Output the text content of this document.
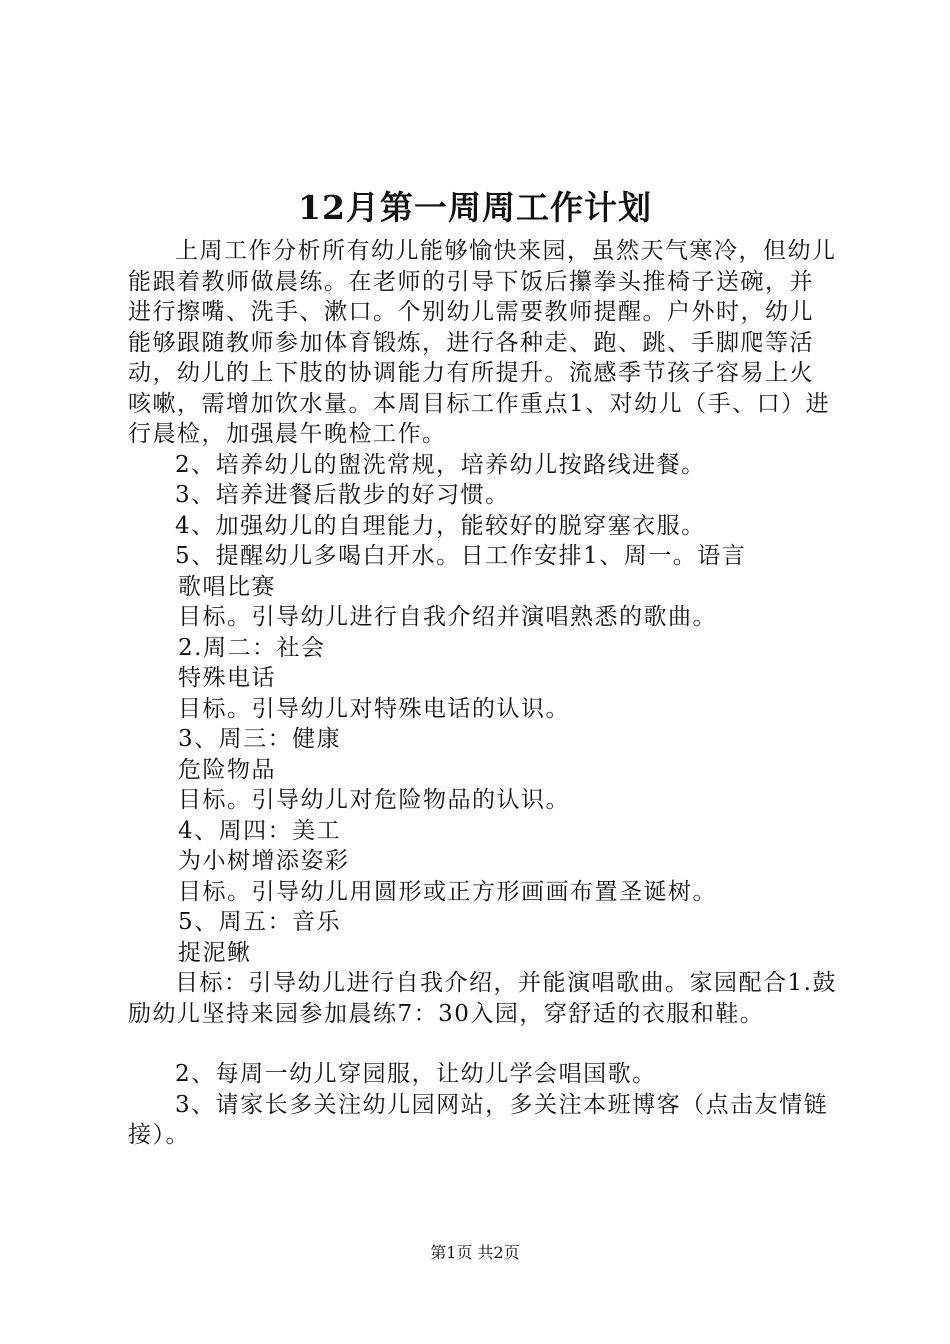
12月第一周周工作计划

上周工作分析所有幼儿能够愉快来园，虽然天气寒冷，但幼儿能跟着教师做晨练。在老师的引导下饭后攥拳头推椅子送碗，并进行擦嘴、洗手、漱口。个别幼儿需要教师提醒。户外时，幼儿能够跟随教师参加体育锻炼，进行各种走、跑、跳、手脚爬等活动，幼儿的上下肢的协调能力有所提升。流感季节孩子容易上火咳嗽，需增加饮水量。本周目标工作重点1、对幼儿（手、口）进行晨检，加强晨午晚检工作。

2、培养幼儿的盥洗常规，培养幼儿按路线进餐。

3、培养进餐后散步的好习惯。

4、加强幼儿的自理能力，能较好的脱穿塞衣服。

5、提醒幼儿多喝白开水。日工作安排1、周一。语言

歌唱比赛

目标。引导幼儿进行自我介绍并演唱熟悉的歌曲。

2.周二：社会

特殊电话

目标。引导幼儿对特殊电话的认识。

3、周三：健康

危险物品

目标。引导幼儿对危险物品的认识。

4、周四：美工

为小树增添姿彩

目标。引导幼儿用圆形或正方形画画布置圣诞树。

5、周五：音乐

捉泥鳅

目标：引导幼儿进行自我介绍，并能演唱歌曲。家园配合1.鼓励幼儿坚持来园参加晨练7：30入园，穿舒适的衣服和鞋。

2、每周一幼儿穿园服，让幼儿学会唱国歌。

3、请家长多关注幼儿园网站，多关注本班博客（点击友情链接）。

第1页 共2页
